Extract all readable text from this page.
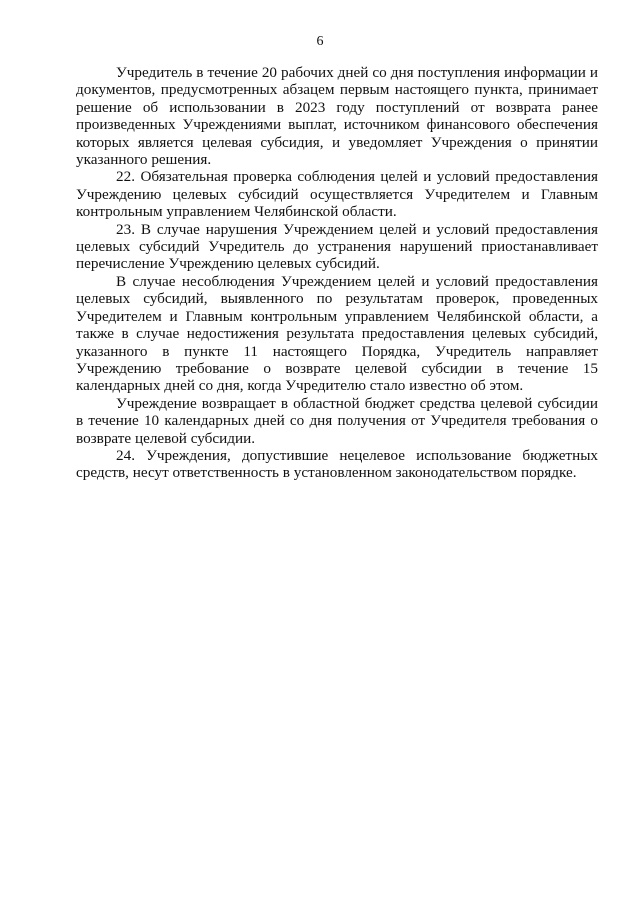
6

Учредитель в течение 20 рабочих дней со дня поступления информации и документов, предусмотренных абзацем первым настоящего пункта, принимает решение об использовании в 2023 году поступлений от возврата ранее произведенных Учреждениями выплат, источником финансового обеспечения которых является целевая субсидия, и уведомляет Учреждения о принятии указанного решения.

22. Обязательная проверка соблюдения целей и условий предоставления Учреждению целевых субсидий осуществляется Учредителем и Главным контрольным управлением Челябинской области.

23. В случае нарушения Учреждением целей и условий предоставления целевых субсидий Учредитель до устранения нарушений приостанавливает перечисление Учреждению целевых субсидий.

В случае несоблюдения Учреждением целей и условий предоставления целевых субсидий, выявленного по результатам проверок, проведенных Учредителем и Главным контрольным управлением Челябинской области, а также в случае недостижения результата предоставления целевых субсидий, указанного в пункте 11 настоящего Порядка, Учредитель направляет Учреждению требование о возврате целевой субсидии в течение 15 календарных дней со дня, когда Учредителю стало известно об этом.

Учреждение возвращает в областной бюджет средства целевой субсидии в течение 10 календарных дней со дня получения от Учредителя требования о возврате целевой субсидии.

24. Учреждения, допустившие нецелевое использование бюджетных средств, несут ответственность в установленном законодательством порядке.
